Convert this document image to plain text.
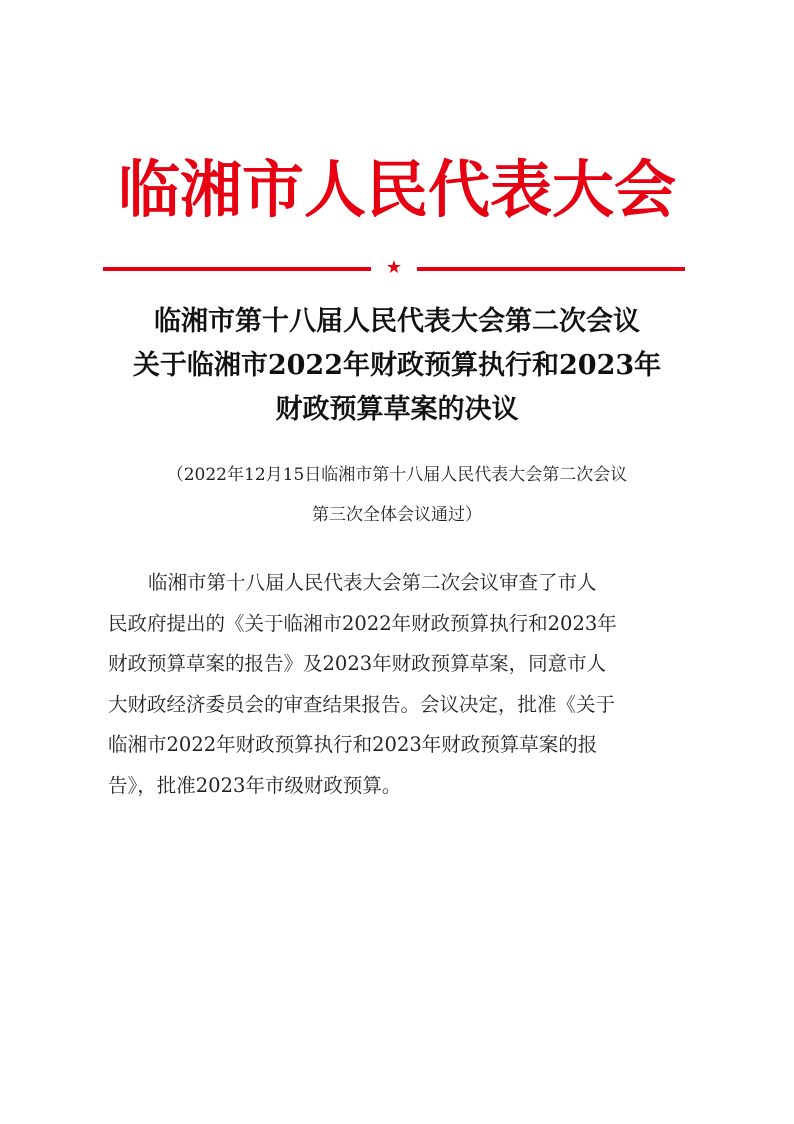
临湘市人民代表大会
★
临湘市第十八届人民代表大会第二次会议
关于临湘市2022年财政预算执行和2023年
财政预算草案的决议
（2022年12月15日临湘市第十八届人民代表大会第二次会议
第三次全体会议通过）
临湘市第十八届人民代表大会第二次会议审查了市人
民政府提出的《关于临湘市2022年财政预算执行和2023年
财政预算草案的报告》及2023年财政预算草案，同意市人
大财政经济委员会的审查结果报告。会议决定，批准《关于
临湘市2022年财政预算执行和2023年财政预算草案的报
告》，批准2023年市级财政预算。
